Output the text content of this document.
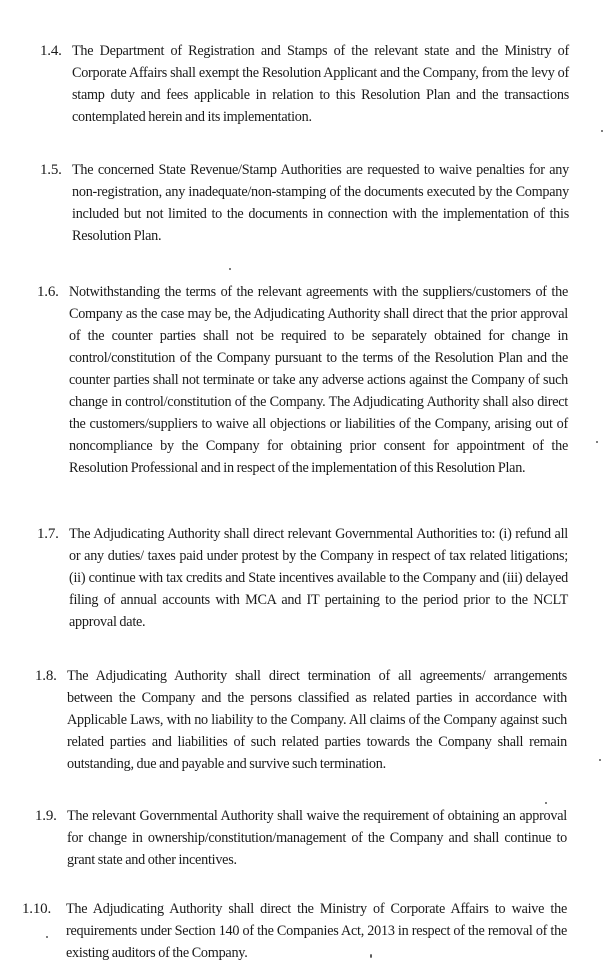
1.4. The Department of Registration and Stamps of the relevant state and the Ministry of Corporate Affairs shall exempt the Resolution Applicant and the Company, from the levy of stamp duty and fees applicable in relation to this Resolution Plan and the transactions contemplated herein and its implementation.
1.5. The concerned State Revenue/Stamp Authorities are requested to waive penalties for any non-registration, any inadequate/non-stamping of the documents executed by the Company included but not limited to the documents in connection with the implementation of this Resolution Plan.
1.6. Notwithstanding the terms of the relevant agreements with the suppliers/customers of the Company as the case may be, the Adjudicating Authority shall direct that the prior approval of the counter parties shall not be required to be separately obtained for change in control/constitution of the Company pursuant to the terms of the Resolution Plan and the counter parties shall not terminate or take any adverse actions against the Company of such change in control/constitution of the Company. The Adjudicating Authority shall also direct the customers/suppliers to waive all objections or liabilities of the Company, arising out of noncompliance by the Company for obtaining prior consent for appointment of the Resolution Professional and in respect of the implementation of this Resolution Plan.
1.7. The Adjudicating Authority shall direct relevant Governmental Authorities to: (i) refund all or any duties/ taxes paid under protest by the Company in respect of tax related litigations; (ii) continue with tax credits and State incentives available to the Company and (iii) delayed filing of annual accounts with MCA and IT pertaining to the period prior to the NCLT approval date.
1.8. The Adjudicating Authority shall direct termination of all agreements/ arrangements between the Company and the persons classified as related parties in accordance with Applicable Laws, with no liability to the Company. All claims of the Company against such related parties and liabilities of such related parties towards the Company shall remain outstanding, due and payable and survive such termination.
1.9. The relevant Governmental Authority shall waive the requirement of obtaining an approval for change in ownership/constitution/management of the Company and shall continue to grant state and other incentives.
1.10. The Adjudicating Authority shall direct the Ministry of Corporate Affairs to waive the requirements under Section 140 of the Companies Act, 2013 in respect of the removal of the existing auditors of the Company.
